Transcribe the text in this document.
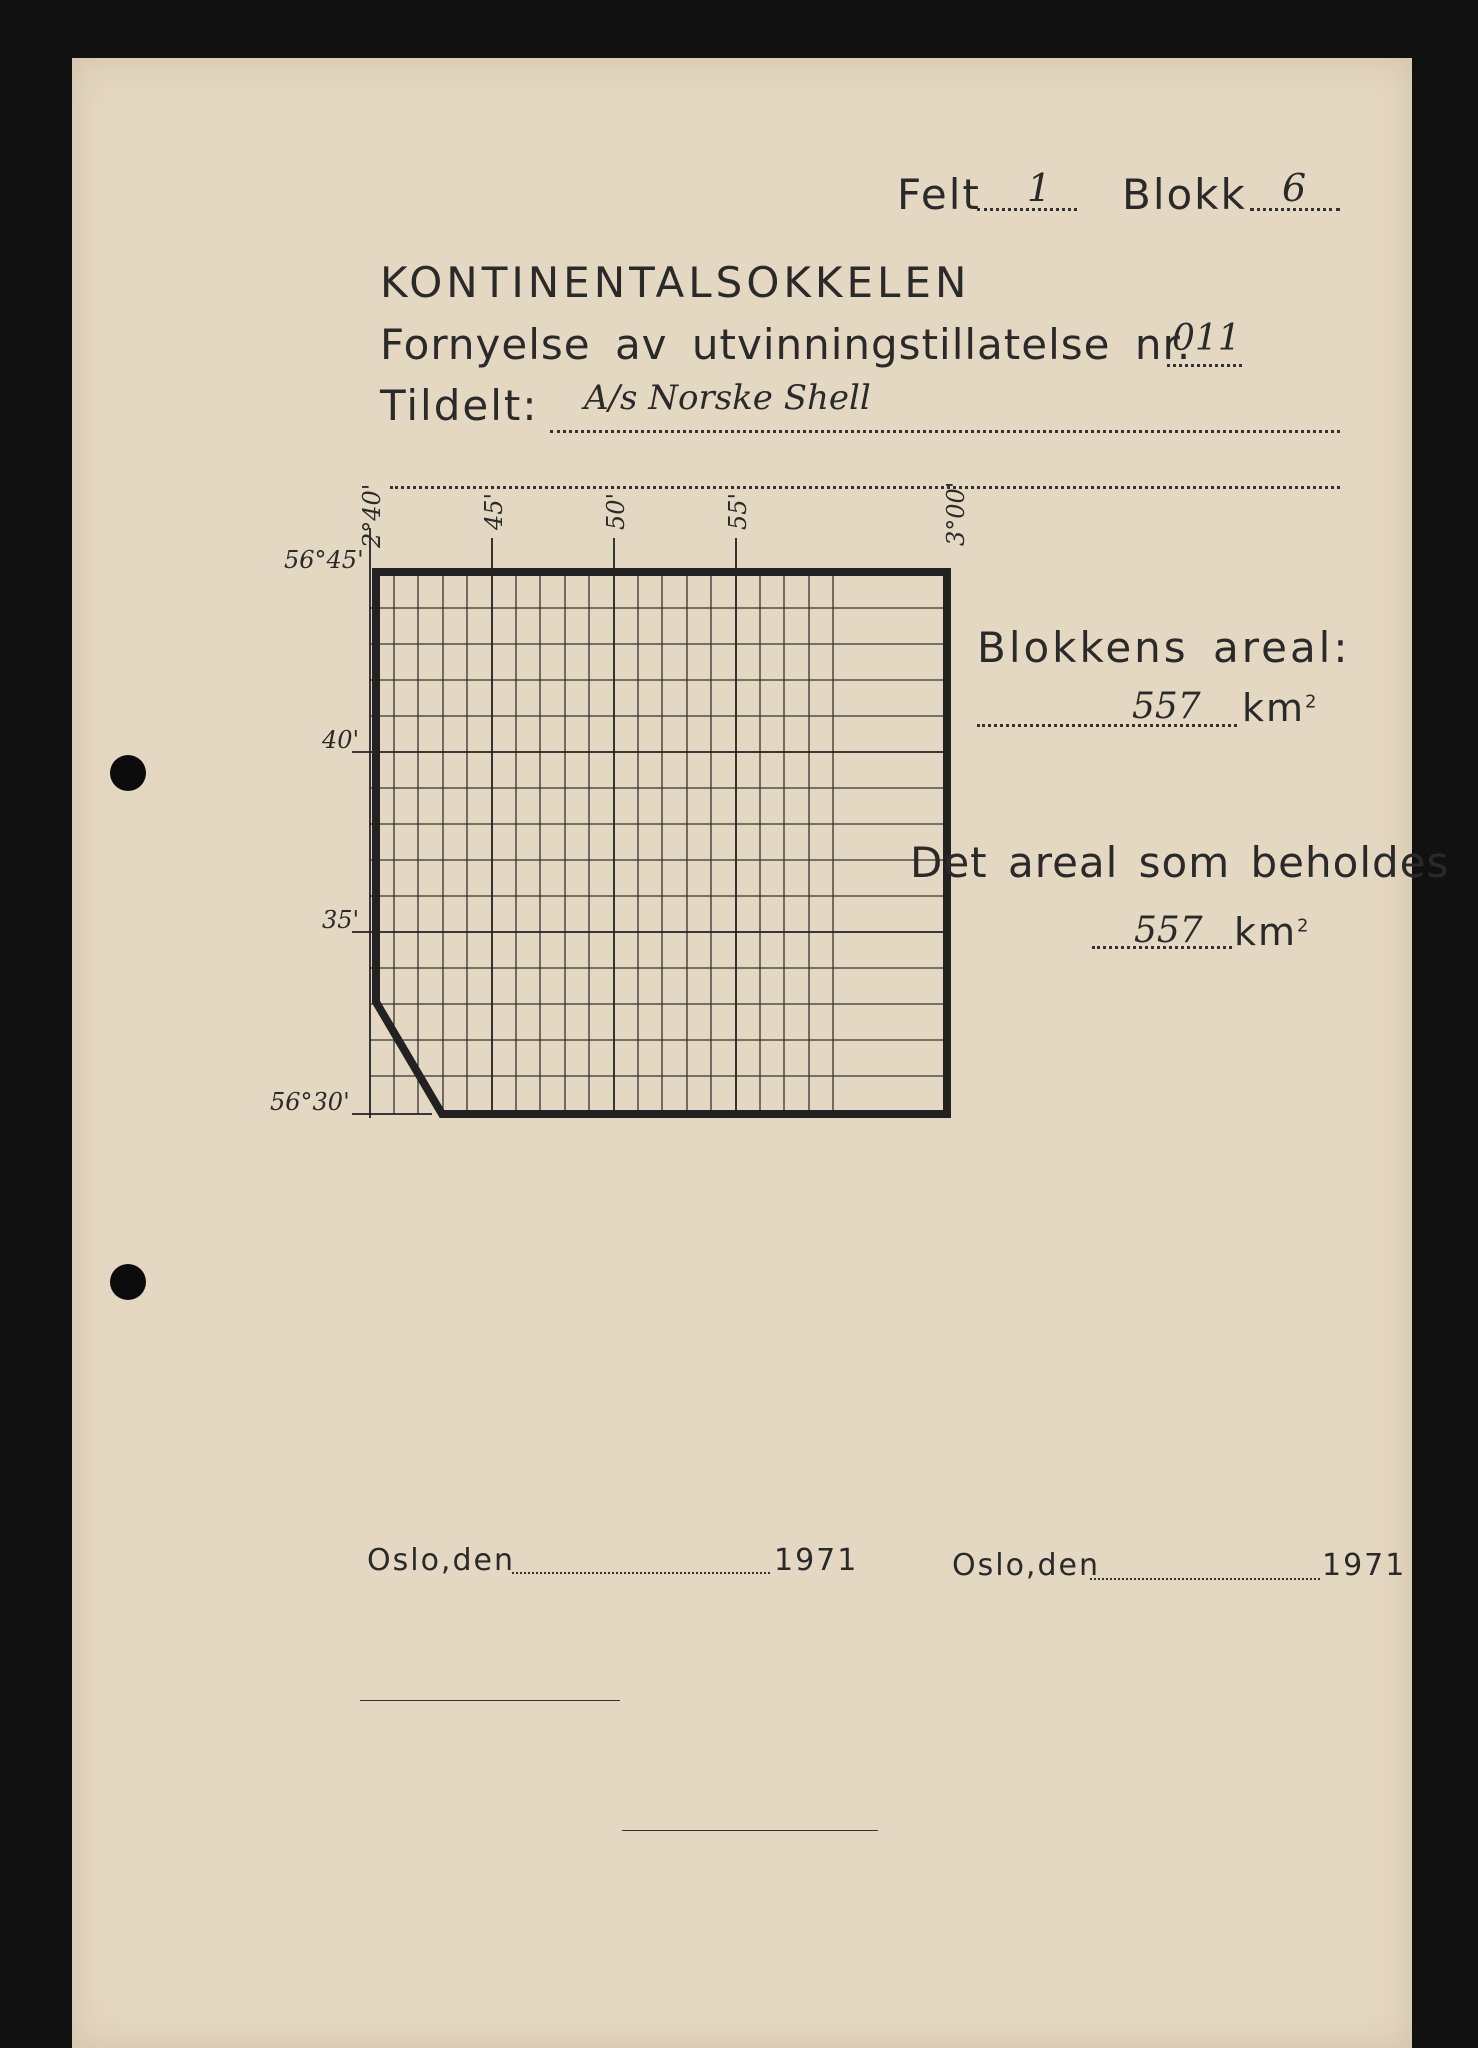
Felt 1 Blokk 6
KONTINENTALSOKKELEN
Fornyelse av utvinningstillatelse nr.
011
Tildelt: A/s Norske Shell
2°40'	45'	50'	55'	3°00'
56°45'
40'
35'
56°30'
Blokkens areal:
557 $km^2$
Det areal som beholdes
557 $km^2$
Oslo,den	1971	Oslo,den	1971
